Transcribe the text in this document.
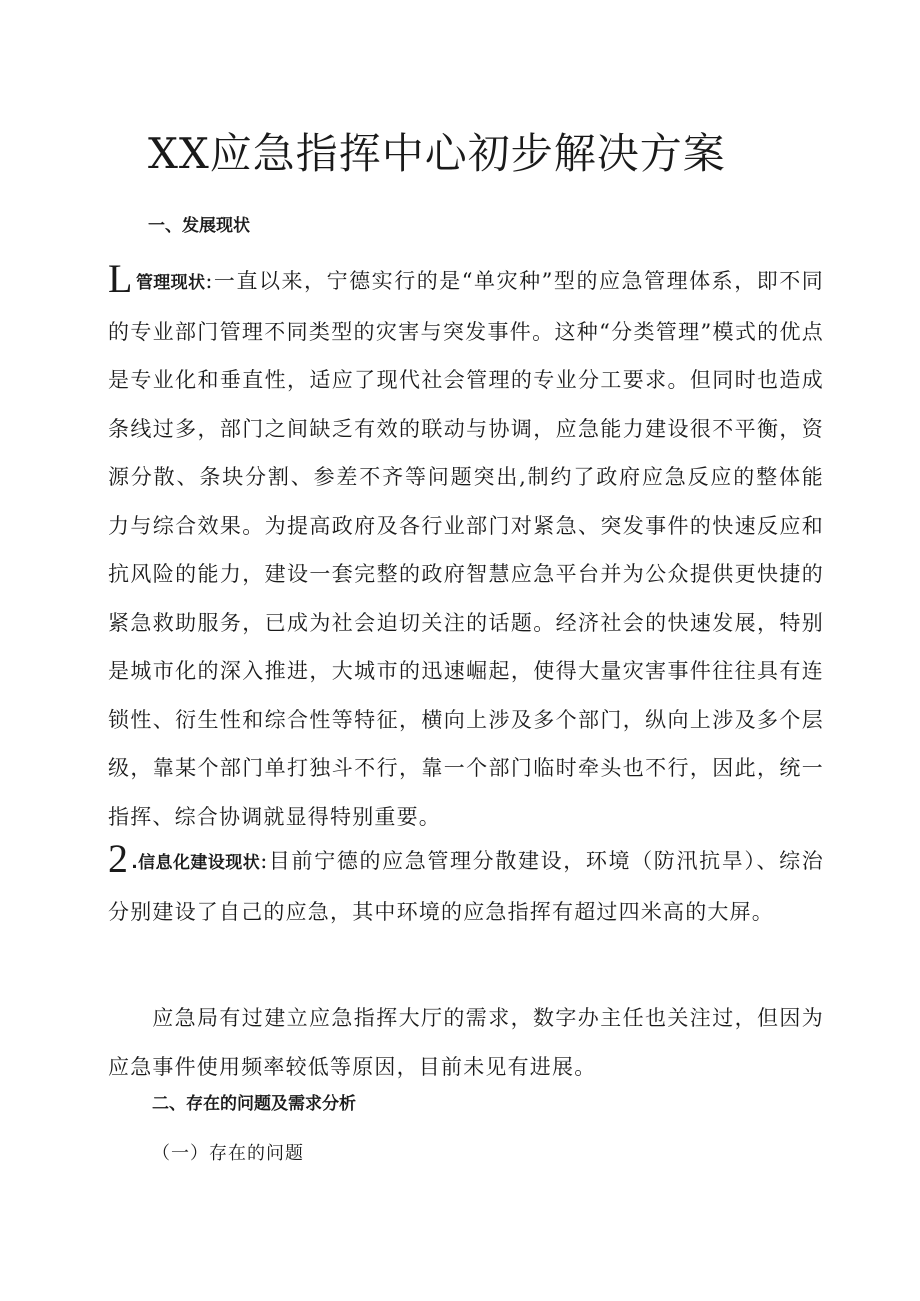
XX应急指挥中心初步解决方案
一、发展现状
L管理现状:一直以来，宁德实行的是“单灾种”型的应急管理体系，即不同的专业部门管理不同类型的灾害与突发事件。这种“分类管理”模式的优点是专业化和垂直性，适应了现代社会管理的专业分工要求。但同时也造成条线过多，部门之间缺乏有效的联动与协调，应急能力建设很不平衡，资源分散、条块分割、参差不齐等问题突出,制约了政府应急反应的整体能力与综合效果。为提高政府及各行业部门对紧急、突发事件的快速反应和抗风险的能力，建设一套完整的政府智慧应急平台并为公众提供更快捷的紧急救助服务，已成为社会迫切关注的话题。经济社会的快速发展，特别是城市化的深入推进，大城市的迅速崛起，使得大量灾害事件往往具有连锁性、衍生性和综合性等特征，横向上涉及多个部门，纵向上涉及多个层级，靠某个部门单打独斗不行，靠一个部门临时牵头也不行，因此，统一指挥、综合协调就显得特别重要。
2 .信息化建设现状:目前宁德的应急管理分散建设，环境（防汛抗旱）、综治分别建设了自己的应急，其中环境的应急指挥有超过四米高的大屏。
应急局有过建立应急指挥大厅的需求，数字办主任也关注过，但因为应急事件使用频率较低等原因，目前未见有进展。
二、存在的问题及需求分析
（一）存在的问题
